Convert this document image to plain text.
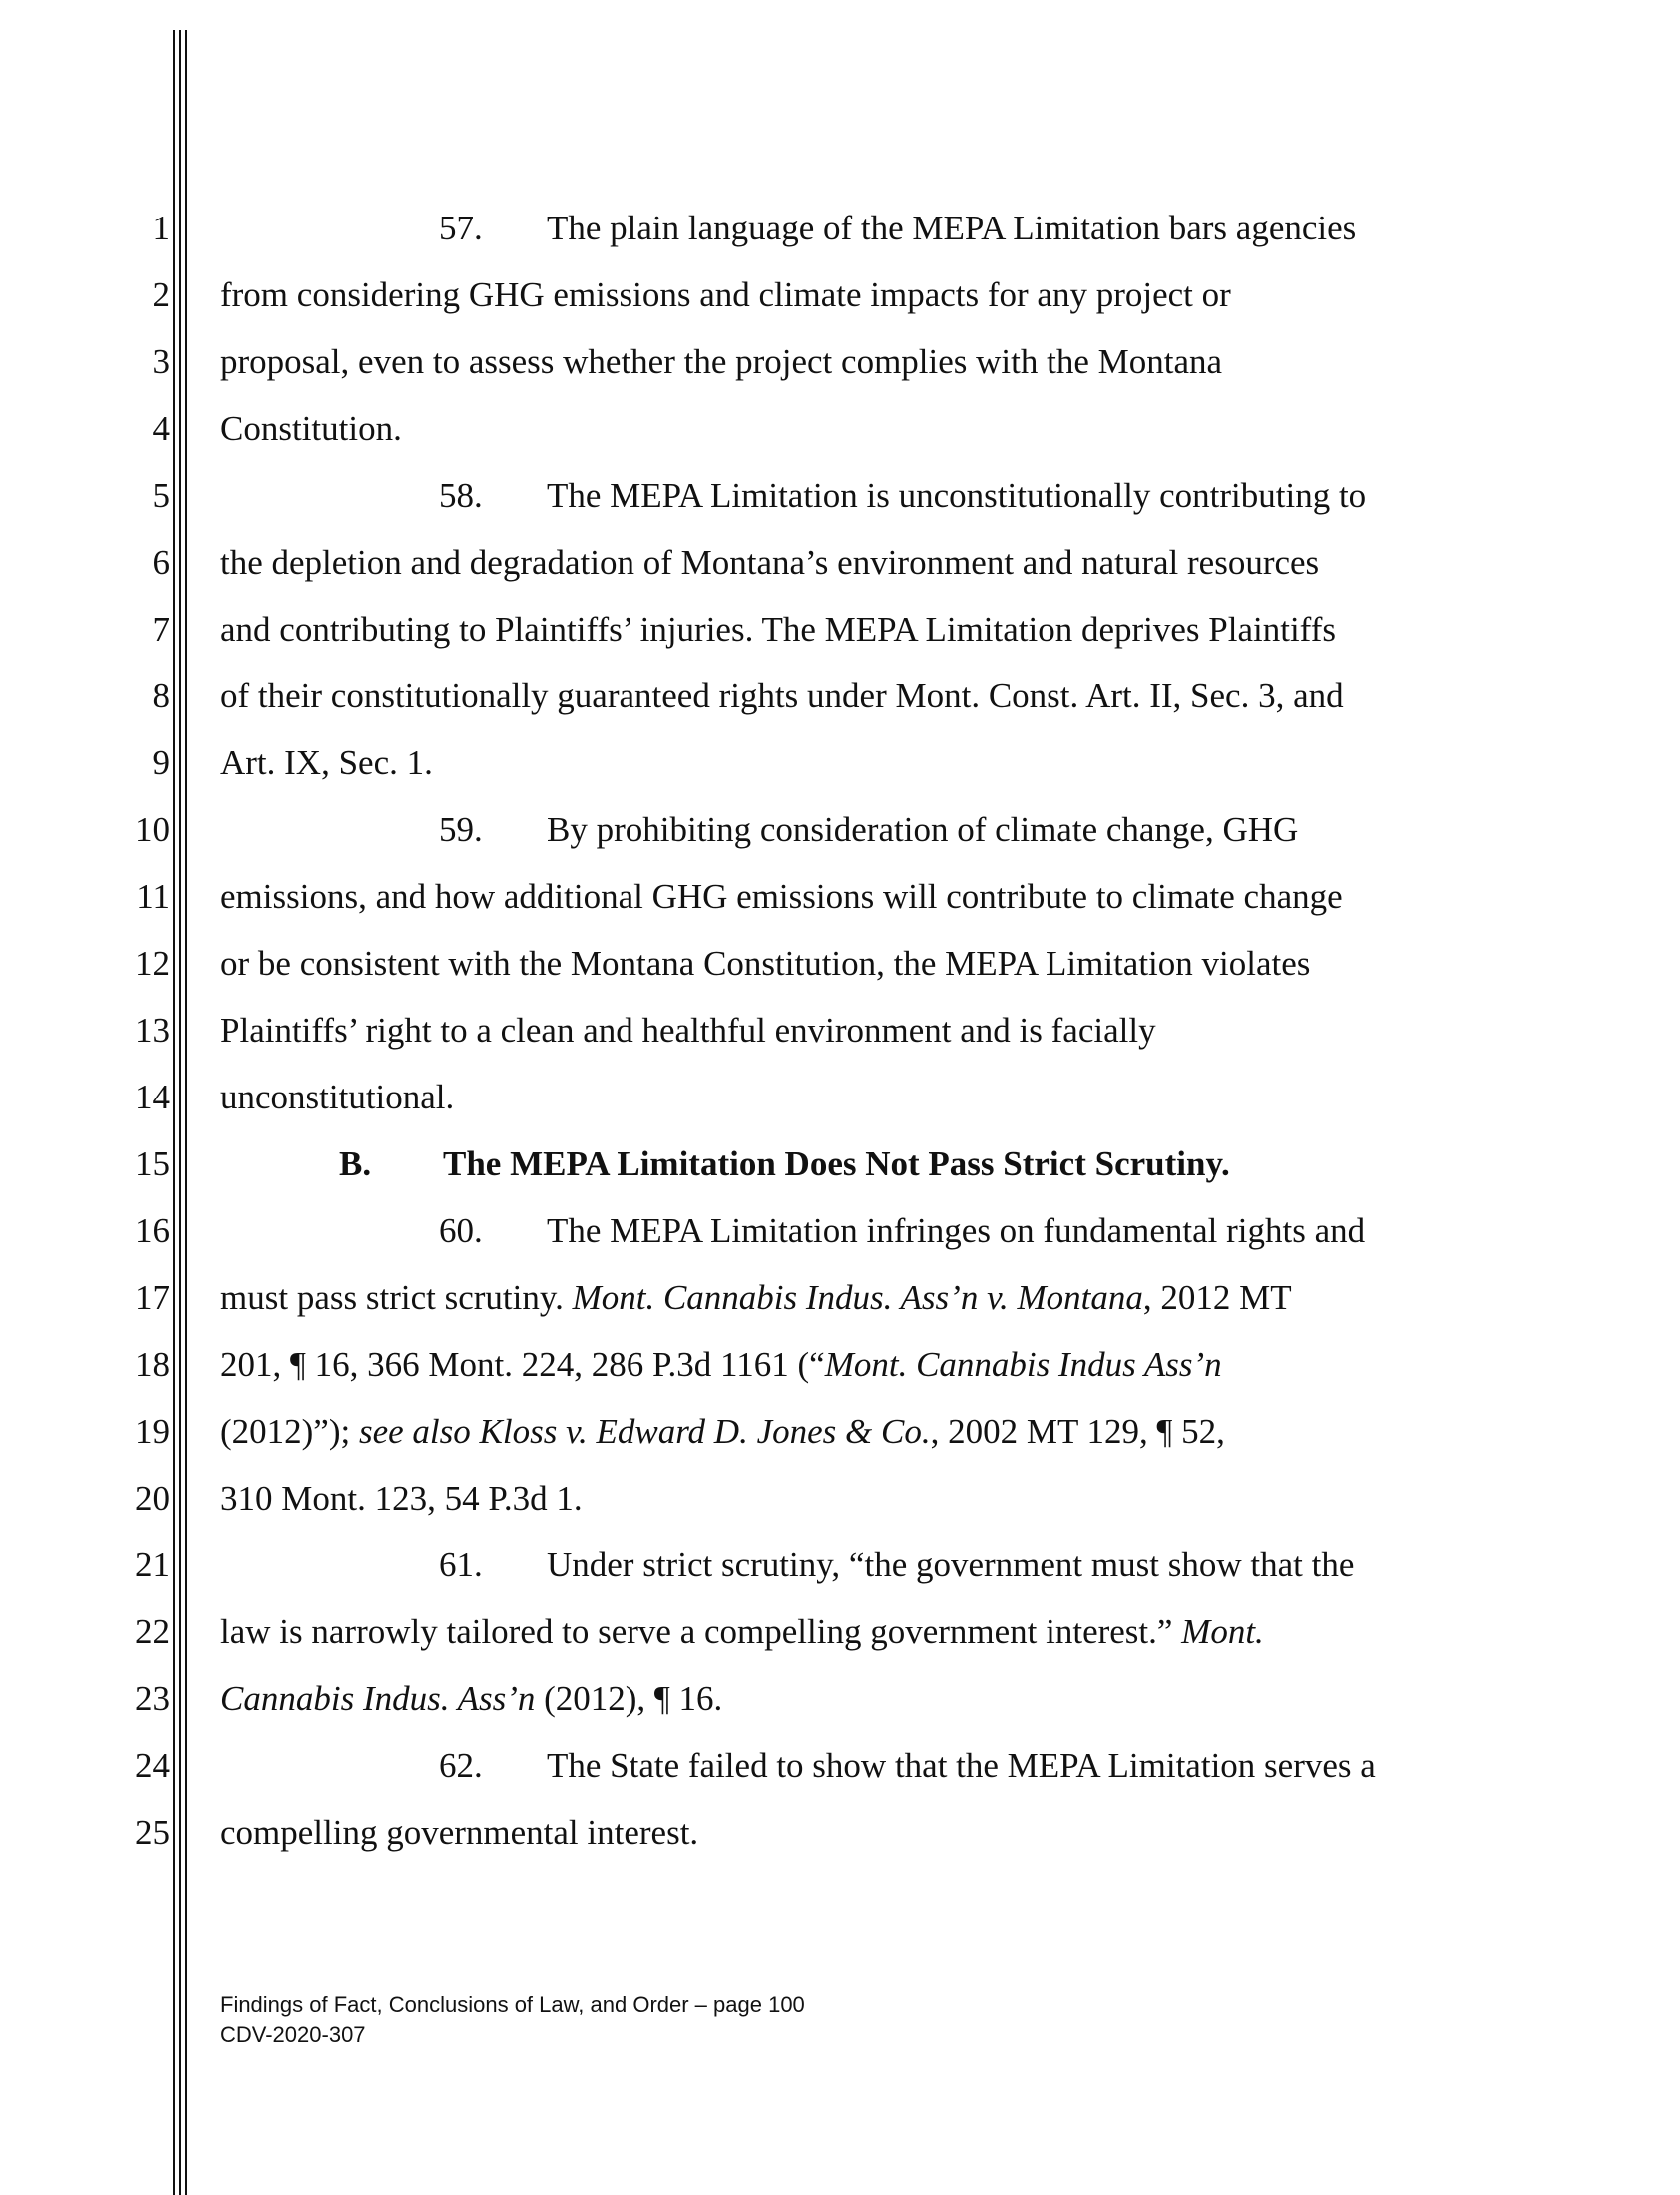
1
2
3
4
5
6
7
8
9
10
11
12
13
14
15
16
17
18
19
20
21
22
23
24
25
57. The plain language of the MEPA Limitation bars agencies
from considering GHG emissions and climate impacts for any project or
proposal, even to assess whether the project complies with the Montana
Constitution.
58. The MEPA Limitation is unconstitutionally contributing to
the depletion and degradation of Montana’s environment and natural resources
and contributing to Plaintiffs’ injuries. The MEPA Limitation deprives Plaintiffs
of their constitutionally guaranteed rights under Mont. Const. Art. II, Sec. 3, and
Art. IX, Sec. 1.
59. By prohibiting consideration of climate change, GHG
emissions, and how additional GHG emissions will contribute to climate change
or be consistent with the Montana Constitution, the MEPA Limitation violates
Plaintiffs’ right to a clean and healthful environment and is facially
unconstitutional.
B. The MEPA Limitation Does Not Pass Strict Scrutiny.
60. The MEPA Limitation infringes on fundamental rights and
must pass strict scrutiny. Mont. Cannabis Indus. Ass’n v. Montana, 2012 MT
201, ¶ 16, 366 Mont. 224, 286 P.3d 1161 (“Mont. Cannabis Indus Ass’n
(2012)”); see also Kloss v. Edward D. Jones & Co., 2002 MT 129, ¶ 52,
310 Mont. 123, 54 P.3d 1.
61. Under strict scrutiny, “the government must show that the
law is narrowly tailored to serve a compelling government interest.” Mont.
Cannabis Indus. Ass’n (2012), ¶ 16.
62. The State failed to show that the MEPA Limitation serves a
compelling governmental interest.
Findings of Fact, Conclusions of Law, and Order – page 100
CDV-2020-307
